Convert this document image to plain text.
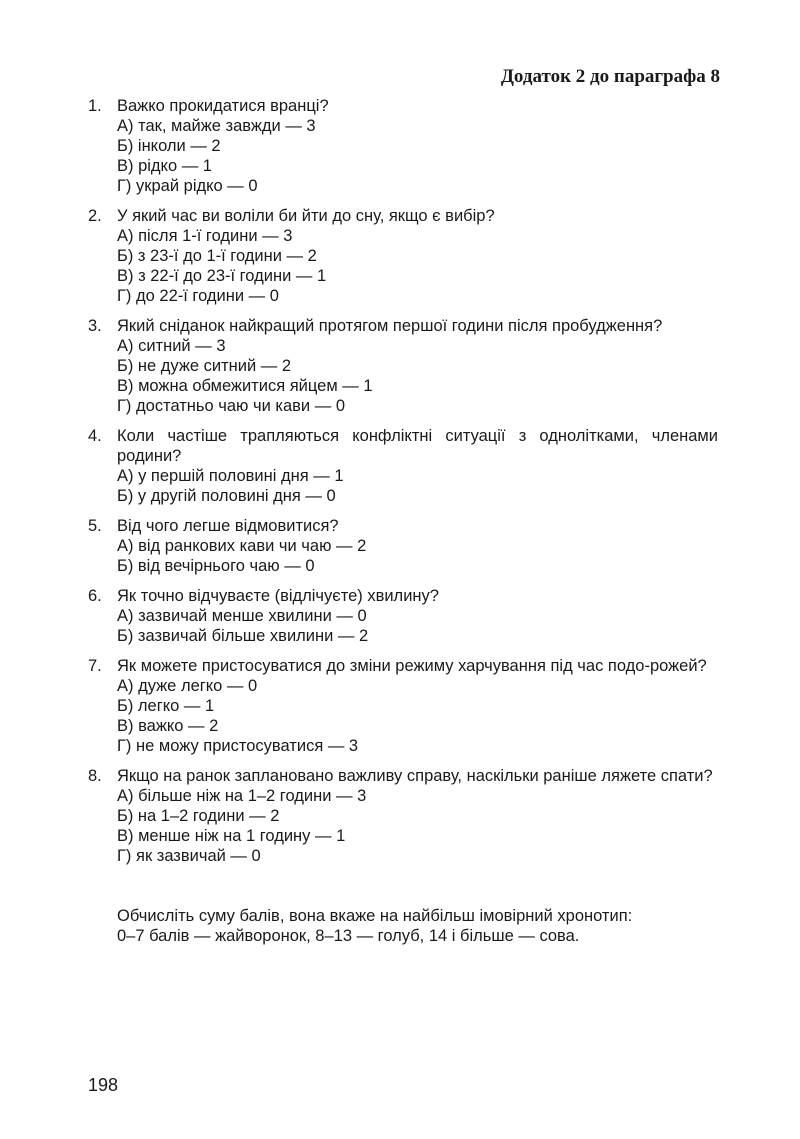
Додаток 2 до параграфа 8
1. Важко прокидатися вранці?
А) так, майже завжди — 3
Б) інколи — 2
В) рідко — 1
Г) украй рідко — 0
2. У який час ви воліли би йти до сну, якщо є вибір?
А) після 1-ї години — 3
Б) з 23-ї до 1-ї години — 2
В) з 22-ї до 23-ї години — 1
Г) до 22-ї години — 0
3. Який сніданок найкращий протягом першої години після пробудження?
А) ситний — 3
Б) не дуже ситний — 2
В) можна обмежитися яйцем — 1
Г) достатньо чаю чи кави — 0
4. Коли частіше трапляються конфліктні ситуації з однолітками, членами родини?
А) у першій половині дня — 1
Б) у другій половині дня — 0
5. Від чого легше відмовитися?
А) від ранкових кави чи чаю — 2
Б) від вечірнього чаю — 0
6. Як точно відчуваєте (відлічуєте) хвилину?
А) зазвичай менше хвилини — 0
Б) зазвичай більше хвилини — 2
7. Як можете пристосуватися до зміни режиму харчування під час подо-рожей?
А) дуже легко — 0
Б) легко — 1
В) важко — 2
Г) не можу пристосуватися — 3
8. Якщо на ранок заплановано важливу справу, наскільки раніше ляжете спати?
А) більше ніж на 1–2 години — 3
Б) на 1–2 години — 2
В) менше ніж на 1 годину — 1
Г) як зазвичай — 0
Обчисліть суму балів, вона вкаже на найбільш імовірний хронотип:
0–7 балів — жайворонок, 8–13 — голуб, 14 і більше — сова.
198
